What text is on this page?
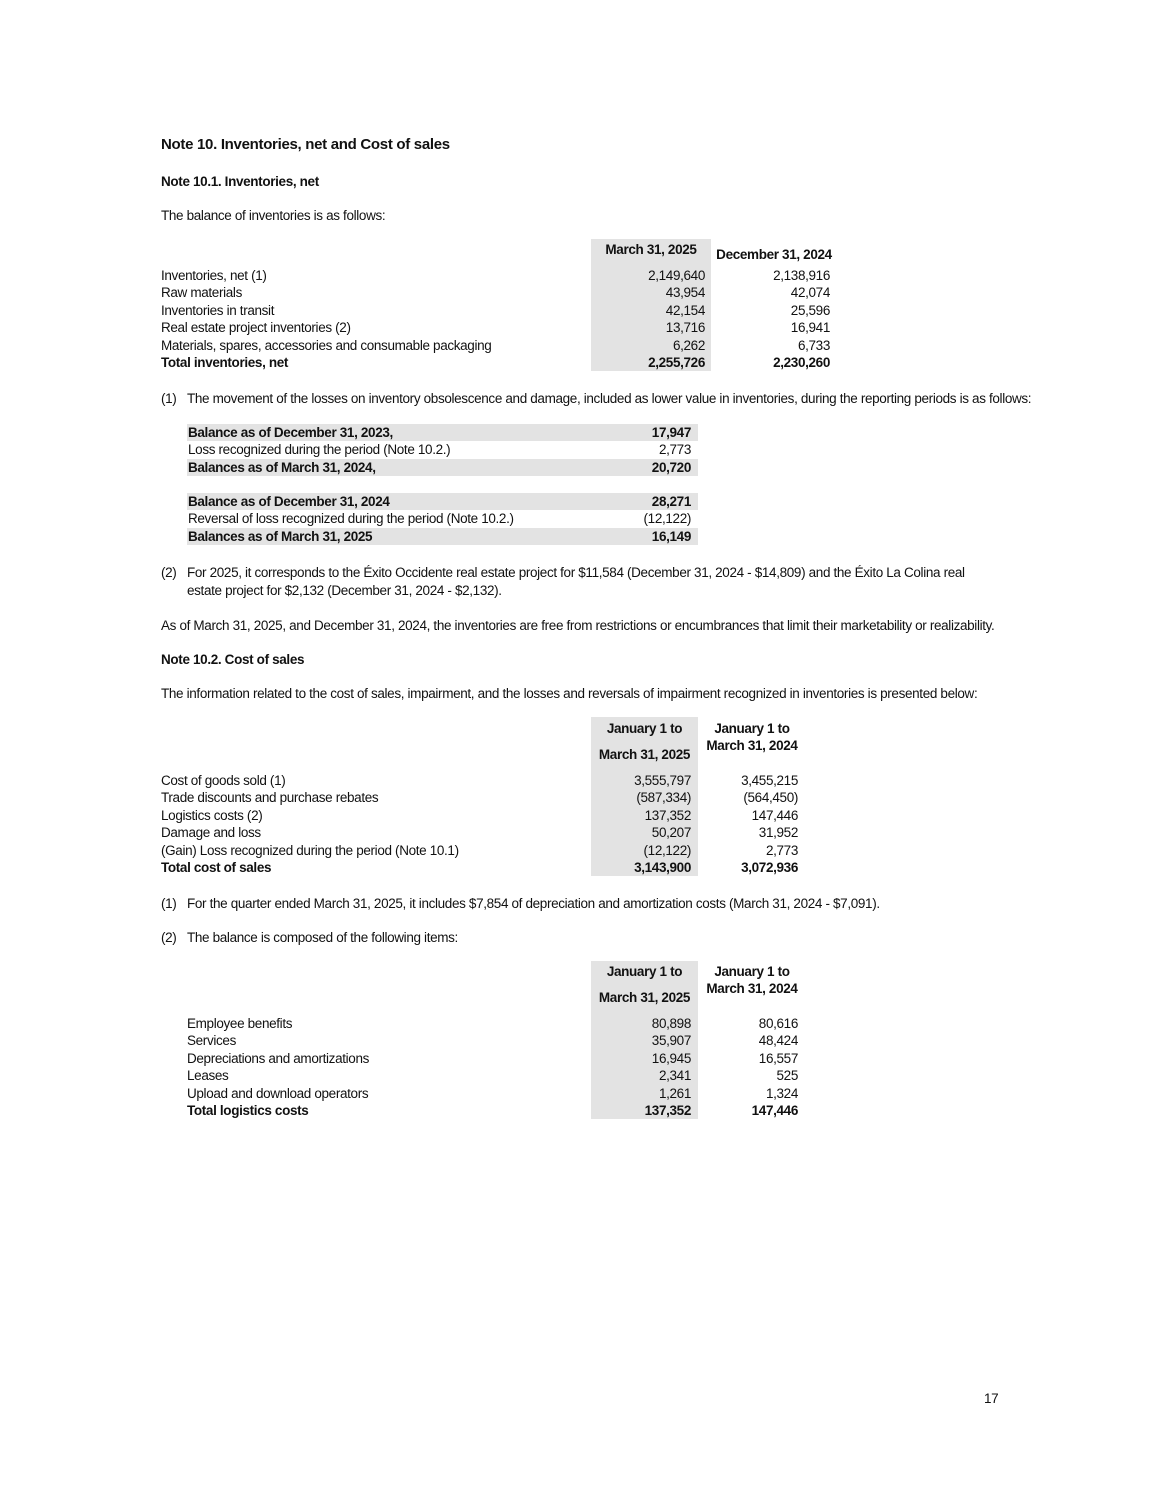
Note 10. Inventories, net and Cost of sales
Note 10.1. Inventories, net
The balance of inventories is as follows:
March 31, 2025	December 31, 2024
Inventories, net (1)	2,149,640	2,138,916
Raw materials	43,954	42,074
Inventories in transit	42,154	25,596
Real estate project inventories (2)	13,716	16,941
Materials, spares, accessories and consumable packaging	6,262	6,733
Total inventories, net	2,255,726	2,230,260
(1) The movement of the losses on inventory obsolescence and damage, included as lower value in inventories, during the reporting periods is as follows:
Balance as of December 31, 2023,	17,947
Loss recognized during the period (Note 10.2.)	2,773
Balances as of March 31, 2024,	20,720
Balance as of December 31, 2024	28,271
Reversal of loss recognized during the period (Note 10.2.)	(12,122)
Balances as of March 31, 2025	16,149
(2) For 2025, it corresponds to the Éxito Occidente real estate project for $11,584 (December 31, 2024 - $14,809) and the Éxito La Colina real estate project for $2,132 (December 31, 2024 - $2,132).
As of March 31, 2025, and December 31, 2024, the inventories are free from restrictions or encumbrances that limit their marketability or realizability.
Note 10.2. Cost of sales
The information related to the cost of sales, impairment, and the losses and reversals of impairment recognized in inventories is presented below:
January 1 to
March 31, 2025
January 1 to
March 31, 2024
Cost of goods sold (1)	3,555,797	3,455,215
Trade discounts and purchase rebates	(587,334)	(564,450)
Logistics costs (2)	137,352	147,446
Damage and loss	50,207	31,952
(Gain) Loss recognized during the period (Note 10.1)	(12,122)	2,773
Total cost of sales	3,143,900	3,072,936
(1) For the quarter ended March 31, 2025, it includes $7,854 of depreciation and amortization costs (March 31, 2024 - $7,091).
(2) The balance is composed of the following items:
January 1 to
March 31, 2025
January 1 to
March 31, 2024
Employee benefits	80,898	80,616
Services	35,907	48,424
Depreciations and amortizations	16,945	16,557
Leases	2,341	525
Upload and download operators	1,261	1,324
Total logistics costs	137,352	147,446
17
